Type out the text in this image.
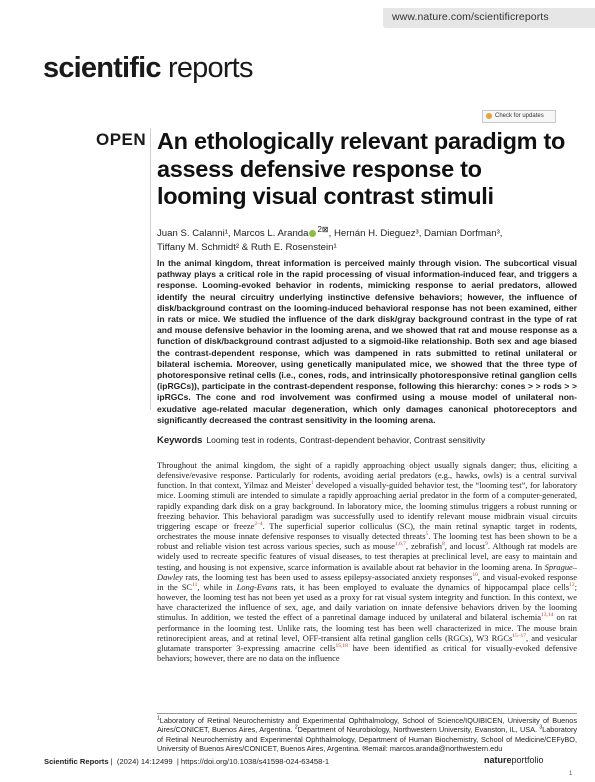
www.nature.com/scientificreports
scientific reports
Check for updates
OPEN An ethologically relevant paradigm to assess defensive response to looming visual contrast stimuli
Juan S. Calanni¹, Marcos L. Aranda $^{2⊠}$, Hernán H. Dieguez³, Damian Dorfman³,
Tiffany M. Schmidt² & Ruth E. Rosenstein¹
In the animal kingdom, threat information is perceived mainly through vision. The subcortical visual pathway plays a critical role in the rapid processing of visual information-induced fear, and triggers a response. Looming-evoked behavior in rodents, mimicking response to aerial predators, allowed identify the neural circuitry underlying instinctive defensive behaviors; however, the influence of disk/background contrast on the looming-induced behavioral response has not been examined, either in rats or mice. We studied the influence of the dark disk/gray background contrast in the type of rat and mouse defensive behavior in the looming arena, and we showed that rat and mouse response as a function of disk/background contrast adjusted to a sigmoid-like relationship. Both sex and age biased the contrast-dependent response, which was dampened in rats submitted to retinal unilateral or bilateral ischemia. Moreover, using genetically manipulated mice, we showed that the three type of photoresponsive retinal cells (i.e., cones, rods, and intrinsically photoresponsive retinal ganglion cells (ipRGCs)), participate in the contrast-dependent response, following this hierarchy: cones > > rods > > ipRGCs. The cone and rod involvement was confirmed using a mouse model of unilateral non-exudative age-related macular degeneration, which only damages canonical photoreceptors and significantly decreased the contrast sensitivity in the looming arena.
Keywords Looming test in rodents, Contrast-dependent behavior, Contrast sensitivity
Throughout the animal kingdom, the sight of a rapidly approaching object usually signals danger; thus, eliciting a defensive/evasive response. Particularly for rodents, avoiding aerial predators (e.g., hawks, owls) is a central survival function. In that context, Yilmaz and Meister$^1$ developed a visually-guided behavior test, the “looming test”, for laboratory mice. Looming stimuli are intended to simulate a rapidly approaching aerial predator in the form of a computer-generated, rapidly expanding dark disk on a gray background. In laboratory mice, the looming stimulus triggers a robust running or freezing behavior. This behavioral paradigm was successfully used to identify relevant mouse midbrain visual circuits triggering escape or freeze$^{2-4}$. The superficial superior colliculus (SC), the main retinal synaptic target in rodents, orchestrates the mouse innate defensive responses to visually detected threats$^5$. The looming test has been shown to be a robust and reliable vision test across various species, such as mouse$^{1,6,7}$, zebrafish$^8$, and locust$^9$. Although rat models are widely used to recreate specific features of visual diseases, to test therapies at preclinical level, are easy to maintain and testing, and housing is not expensive, scarce information is available about rat behavior in the looming arena. In Sprague–Dawley rats, the looming test has been used to assess epilepsy-associated anxiety responses$^{10}$, and visual-evoked response in the SC$^{11}$, while in Long-Evans rats, it has been employed to evaluate the dynamics of hippocampal place cells$^{12}$; however, the looming test has not been yet used as a proxy for rat visual system integrity and function. In this context, we have characterized the influence of sex, age, and daily variation on innate defensive behaviors driven by the looming stimulus. In addition, we tested the effect of a panretinal damage induced by unilateral and bilateral ischemia$^{13,14}$ on rat performance in the looming test. Unlike rats, the looming test has been well characterized in mice. The mouse brain retinorecipient areas, and at retinal level, OFF-transient alfa retinal ganglion cells (RGCs), W3 RGCs$^{15-17}$, and vesicular glutamate transporter 3-expressing amacrine cells$^{15,18}$ have been identified as critical for visually-evoked defensive behaviors; however, there are no data on the influence
$^1$Laboratory of Retinal Neurochemistry and Experimental Ophthalmology, School of Science/IQUIBICEN, University of Buenos Aires/CONICET, Buenos Aires, Argentina. $^2$Department of Neurobiology, Northwestern University, Evanston, IL, USA. $^3$Laboratory of Retinal Neurochemistry and Experimental Ophthalmology, Department of Human Biochemistry, School of Medicine/CEFyBO, University of Buenos Aires/CONICET, Buenos Aires, Argentina. ✉email: marcos.aranda@northwestern.edu
Scientific Reports |  (2024) 14:12499  | https://doi.org/10.1038/s41598-024-63458-1	natureportfolio
1
